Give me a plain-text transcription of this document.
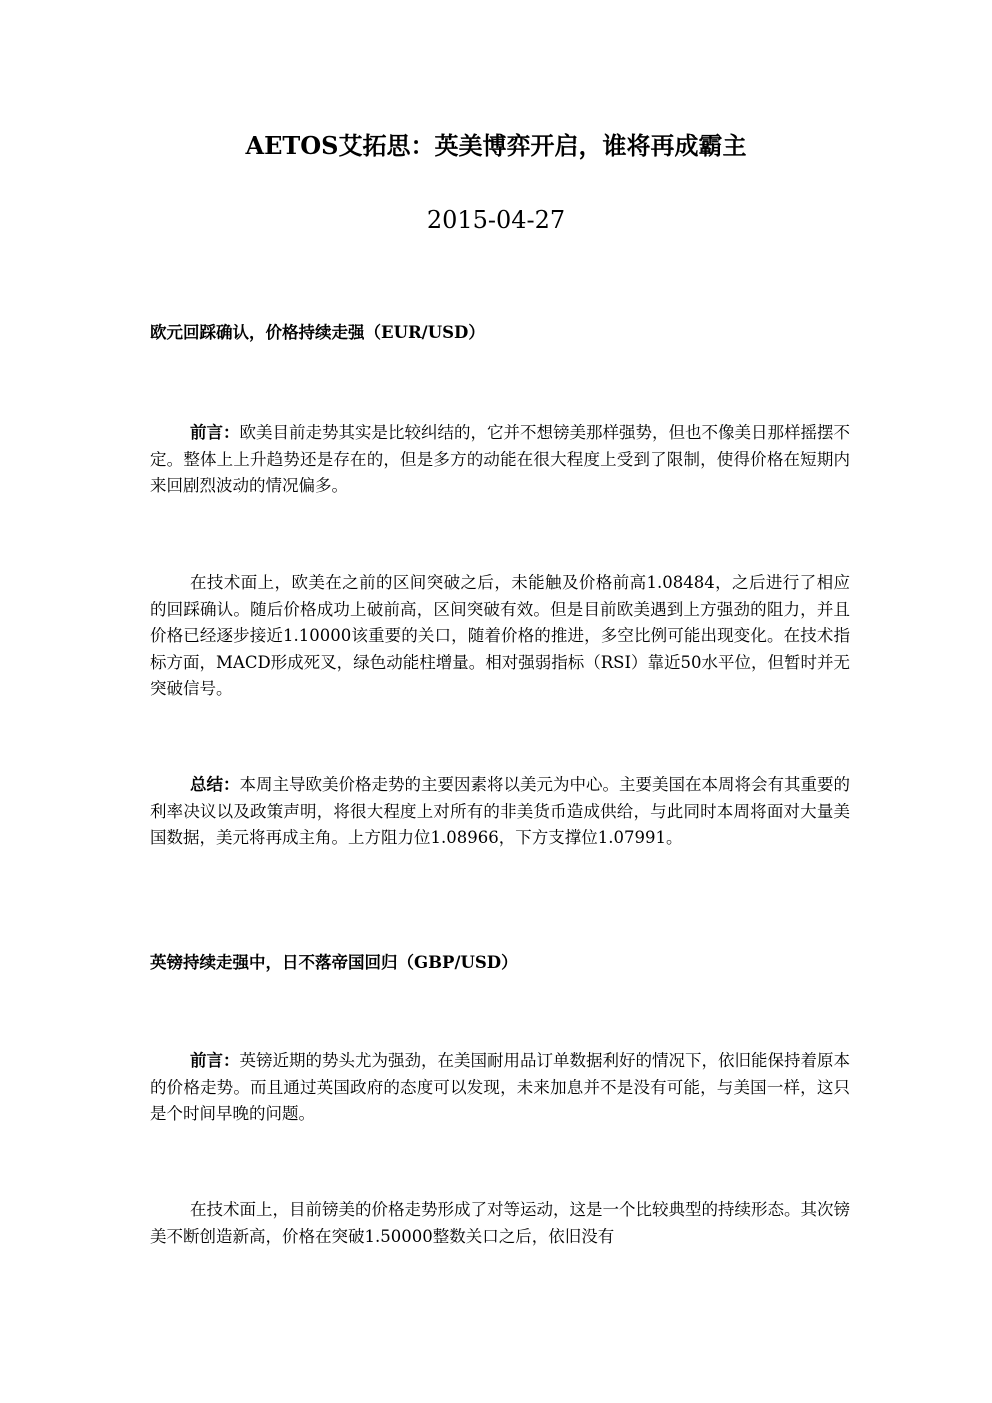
AETOS艾拓思：英美博弈开启，谁将再成霸主
2015-04-27
欧元回踩确认，价格持续走强（EUR/USD）
前言：欧美目前走势其实是比较纠结的，它并不想镑美那样强势，但也不像美日那样摇摆不定。整体上上升趋势还是存在的，但是多方的动能在很大程度上受到了限制，使得价格在短期内来回剧烈波动的情况偏多。
在技术面上，欧美在之前的区间突破之后，未能触及价格前高1.08484，之后进行了相应的回踩确认。随后价格成功上破前高，区间突破有效。但是目前欧美遇到上方强劲的阻力，并且价格已经逐步接近1.10000该重要的关口，随着价格的推进，多空比例可能出现变化。在技术指标方面，MACD形成死叉，绿色动能柱增量。相对强弱指标（RSI）靠近50水平位，但暂时并无突破信号。
总结：本周主导欧美价格走势的主要因素将以美元为中心。主要美国在本周将会有其重要的利率决议以及政策声明，将很大程度上对所有的非美货币造成供给，与此同时本周将面对大量美国数据，美元将再成主角。上方阻力位1.08966，下方支撑位1.07991。
英镑持续走强中，日不落帝国回归（GBP/USD）
前言：英镑近期的势头尤为强劲，在美国耐用品订单数据利好的情况下，依旧能保持着原本的价格走势。而且通过英国政府的态度可以发现，未来加息并不是没有可能，与美国一样，这只是个时间早晚的问题。
在技术面上，目前镑美的价格走势形成了对等运动，这是一个比较典型的持续形态。其次镑美不断创造新高，价格在突破1.50000整数关口之后，依旧没有
